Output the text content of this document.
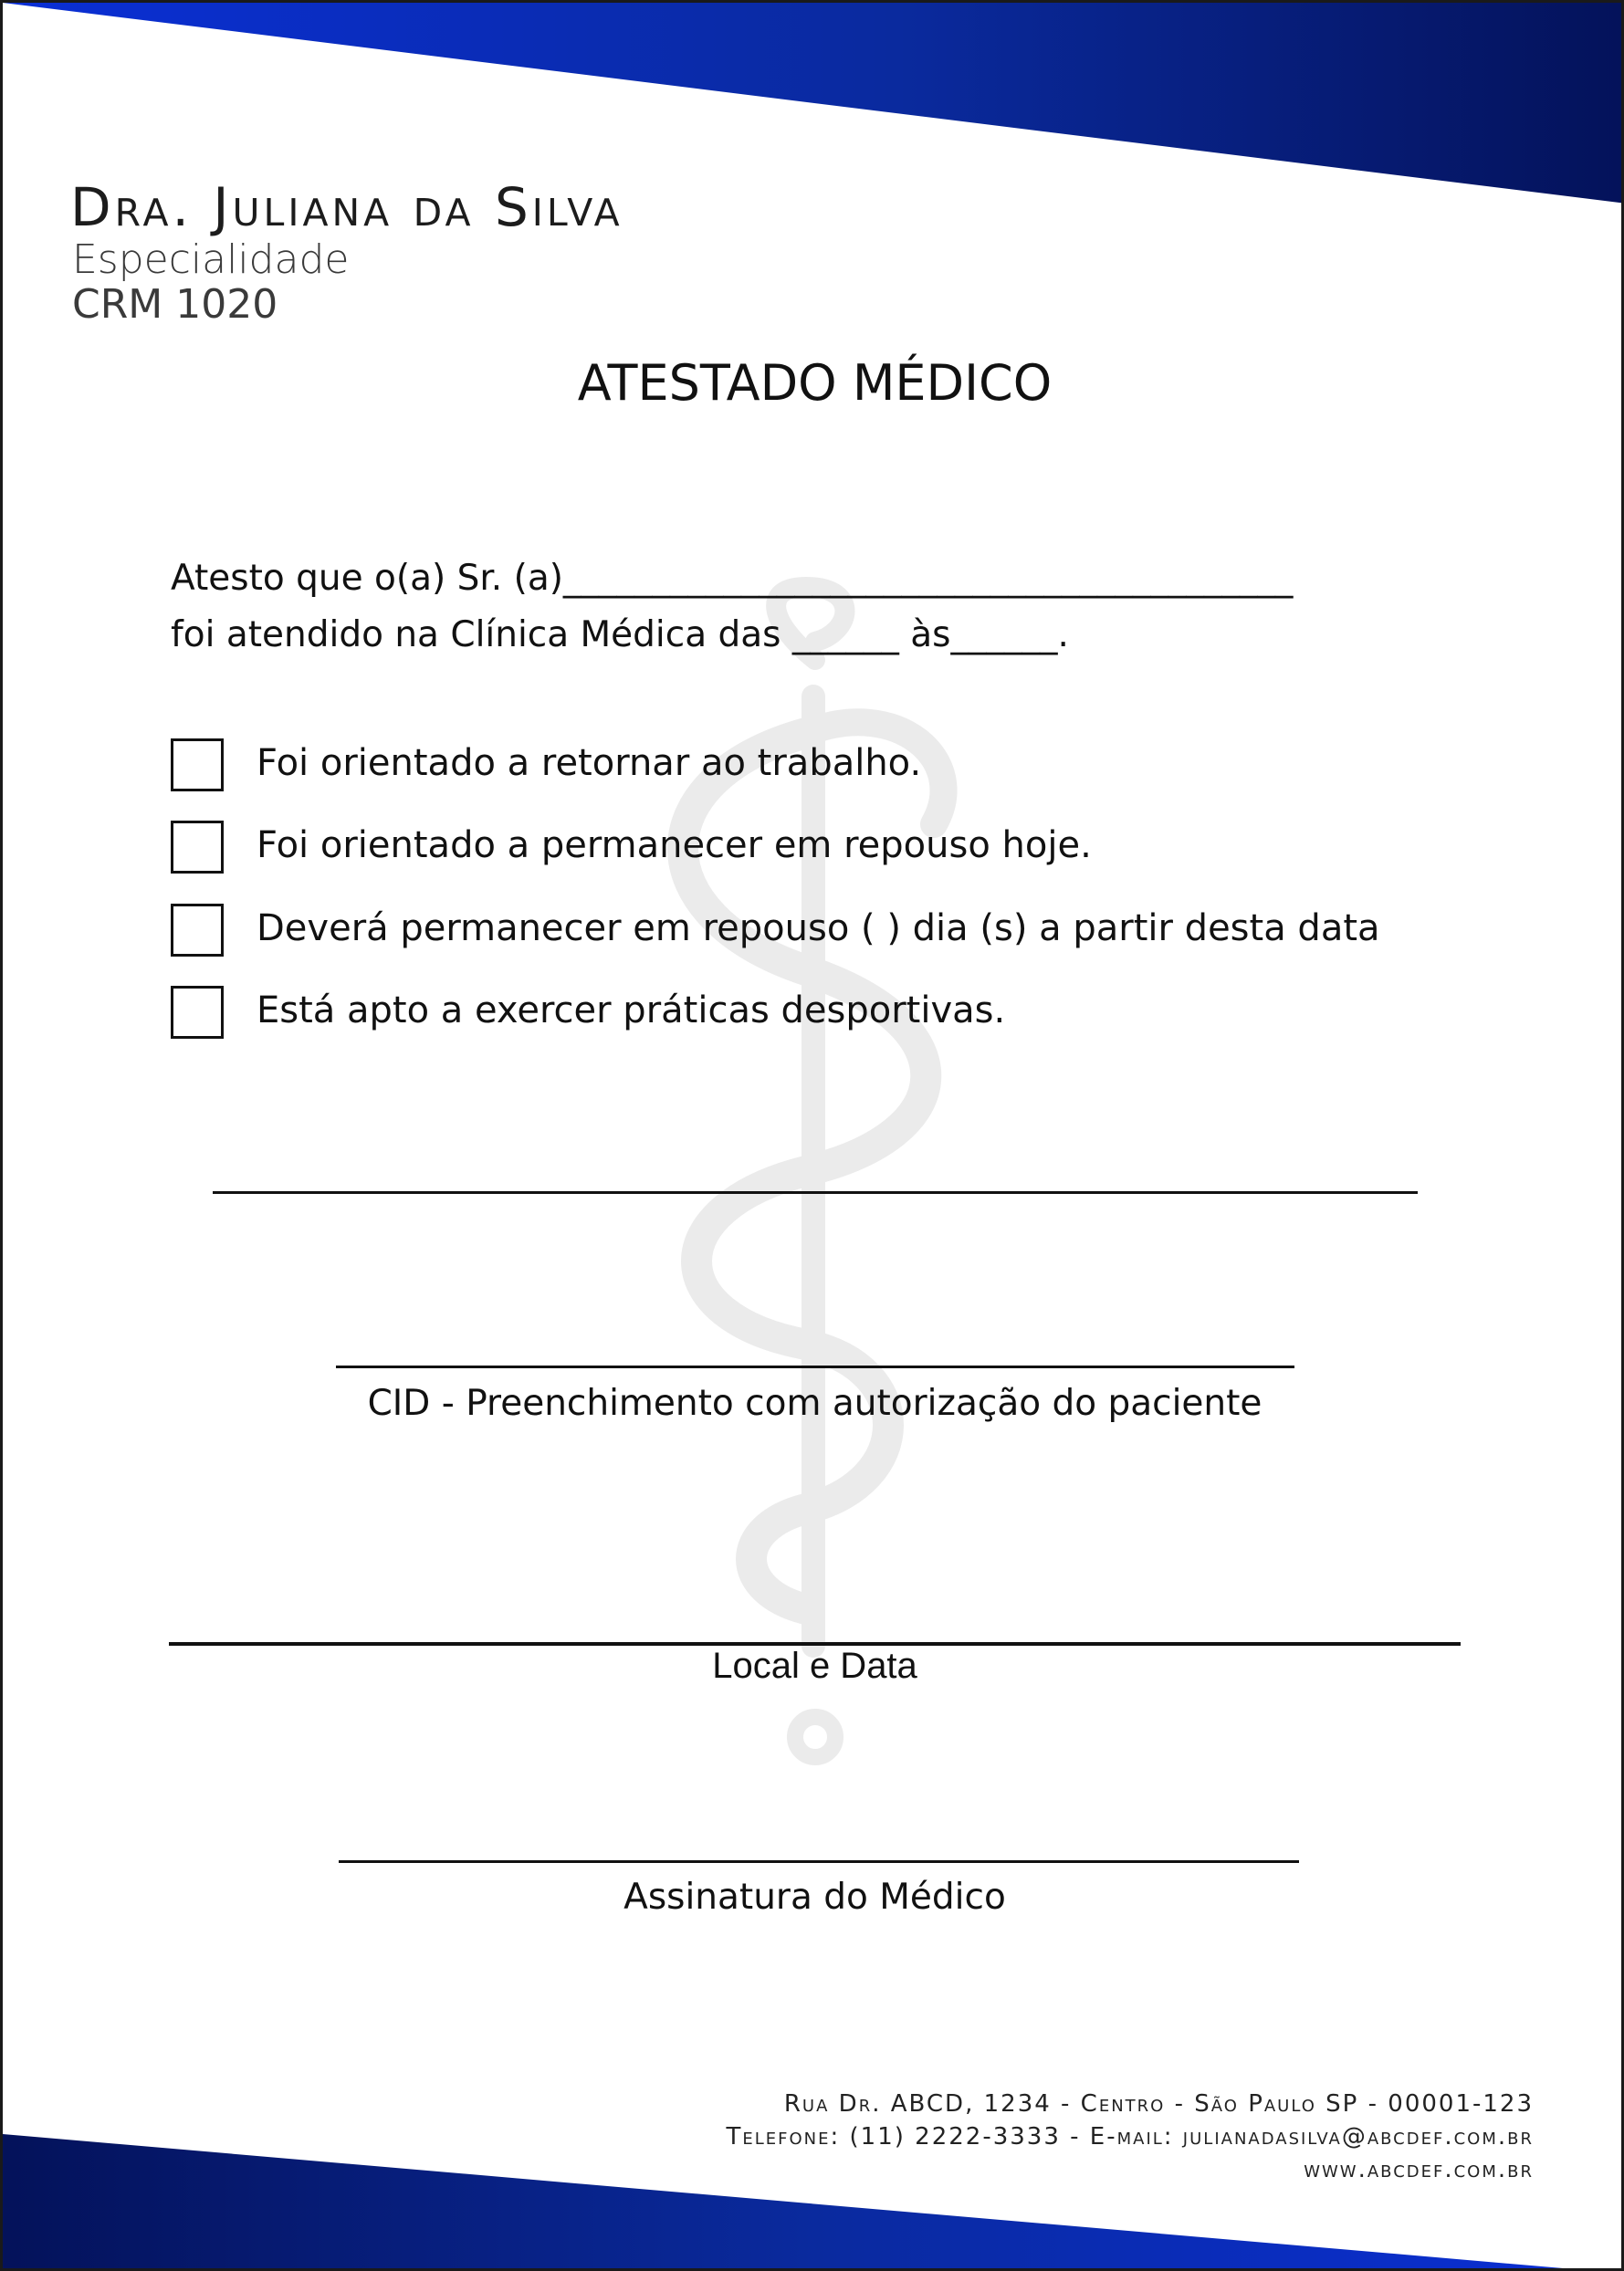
Dra. Juliana da Silva
Especialidade
CRM 1020
ATESTADO MÉDICO
Atesto que o(a) Sr. (a)_________________________________________
foi atendido na Clínica Médica das ______ às______.
Foi orientado a retornar ao trabalho.
Foi orientado a permanecer em repouso hoje.
Deverá permanecer em repouso ( ) dia (s) a partir desta data
Está apto a exercer práticas desportivas.
CID - Preenchimento com autorização do paciente
Local e Data
Assinatura do Médico
Rua Dr. ABCD, 1234 - Centro - São Paulo SP - 00001-123
Telefone: (11) 2222-3333 - E-mail: julianadasilva@abcdef.com.br
www.abcdef.com.br
